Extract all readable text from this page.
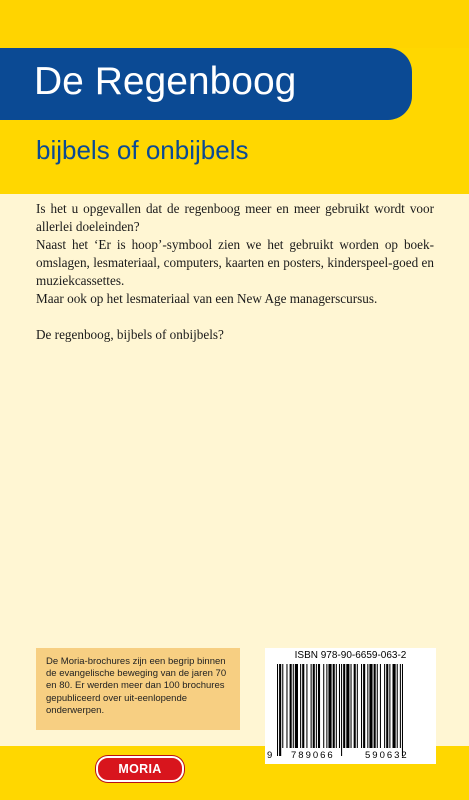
De Regenboog
bijbels of onbijbels

Is het u opgevallen dat de regenboog meer en meer gebruikt wordt voor allerlei doeleinden?

Naast het ‘Er is hoop’-symbool zien we het gebruikt worden op boek-omslagen, lesmateriaal, computers, kaarten en posters, kinderspeel-goed en muziekcassettes.

Maar ook op het lesmateriaal van een New Age managerscursus.

De regenboog, bijbels of onbijbels?

De Moria-brochures zijn een begrip binnen de evangelische beweging van de jaren 70 en 80. Er werden meer dan 100 brochures gepubliceerd over uit-eenlopende onderwerpen.
ISBN 978-90-6659-063-2
9 789066	590632
MORIA
